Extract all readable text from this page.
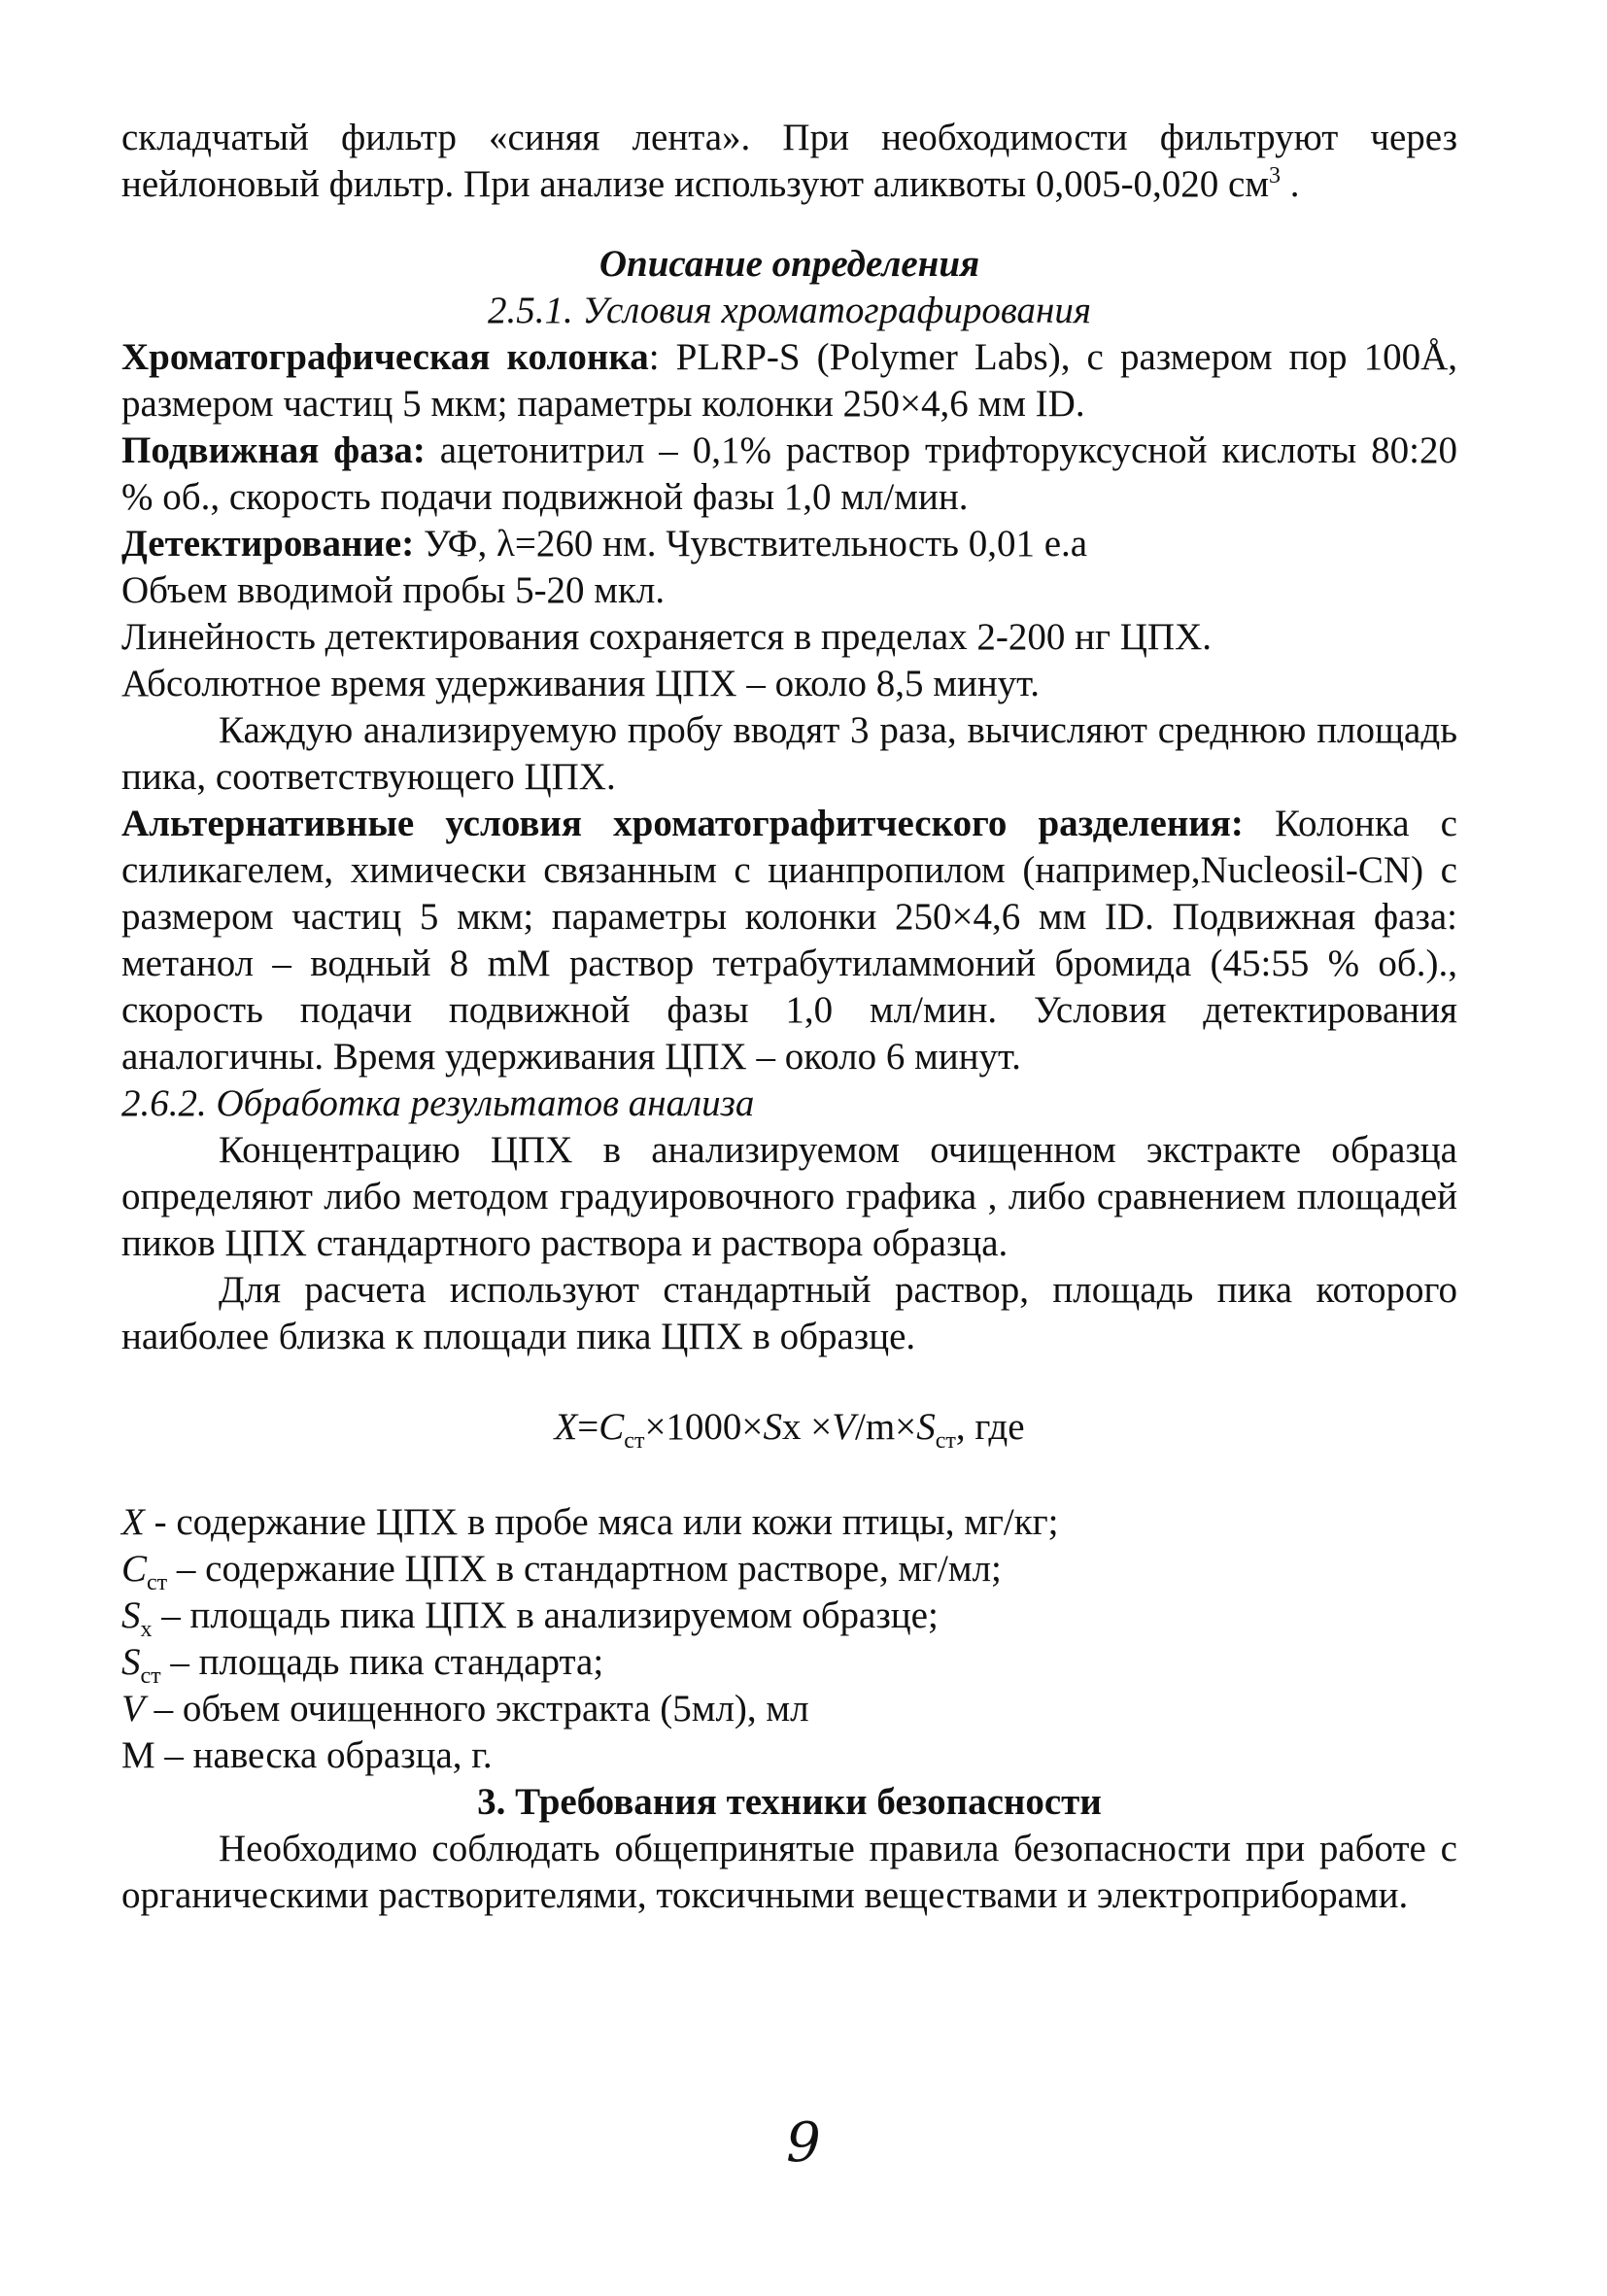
складчатый фильтр «синяя лента». При необходимости фильтруют через нейлоновый фильтр. При анализе используют аликвоты 0,005-0,020 $см^3$ .

Описание определения
2.5.1. Условия хроматографирования

Хроматографическая колонка: PLRP-S (Polymer Labs), с размером пор 100Å, размером частиц 5 мкм; параметры колонки 250×4,6 мм ID.

Подвижная фаза: ацетонитрил – 0,1% раствор трифторуксусной кислоты 80:20 % об., скорость подачи подвижной фазы 1,0 мл/мин.

Детектирование: УФ, λ=260 нм. Чувствительность 0,01 е.а

Объем вводимой пробы 5-20 мкл.

Линейность детектирования сохраняется в пределах 2-200 нг ЦПХ.

Абсолютное время удерживания ЦПХ – около 8,5 минут.

Каждую анализируемую пробу вводят 3 раза, вычисляют среднюю площадь пика, соответствующего ЦПХ.

Альтернативные условия хроматографитческого разделения: Колонка с силикагелем, химически связанным с цианпропилом (например,Nucleosil-CN) с размером частиц 5 мкм; параметры колонки 250×4,6 мм ID. Подвижная фаза: метанол – водный 8 mM раствор тетрабутиламмоний бромида (45:55 % об.)., скорость подачи подвижной фазы 1,0 мл/мин. Условия детектирования аналогичны. Время удерживания ЦПХ – около 6 минут.

2.6.2. Обработка результатов анализа

Концентрацию ЦПХ в анализируемом очищенном экстракте образца определяют либо методом градуировочного графика , либо сравнением площадей пиков ЦПХ стандартного раствора и раствора образца.

Для расчета используют стандартный раствор, площадь пика которого наиболее близка к площади пика ЦПХ в образце.

$X=C_{ст}\times 1000\times Sx \times V/m\times S_{ст}$, где

X - содержание ЦПХ в пробе мяса или кожи птицы, мг/кг;

$C_{ст}$ – содержание ЦПХ в стандартном растворе, мг/мл;

$S_x$ – площадь пика ЦПХ в анализируемом образце;

$S_{ст}$ – площадь пика стандарта;

V – объем очищенного экстракта (5мл), мл

М – навеска образца, г.

3. Требования техники безопасности

Необходимо соблюдать общепринятые правила безопасности при работе с органическими растворителями, токсичными веществами и электроприборами.

9
